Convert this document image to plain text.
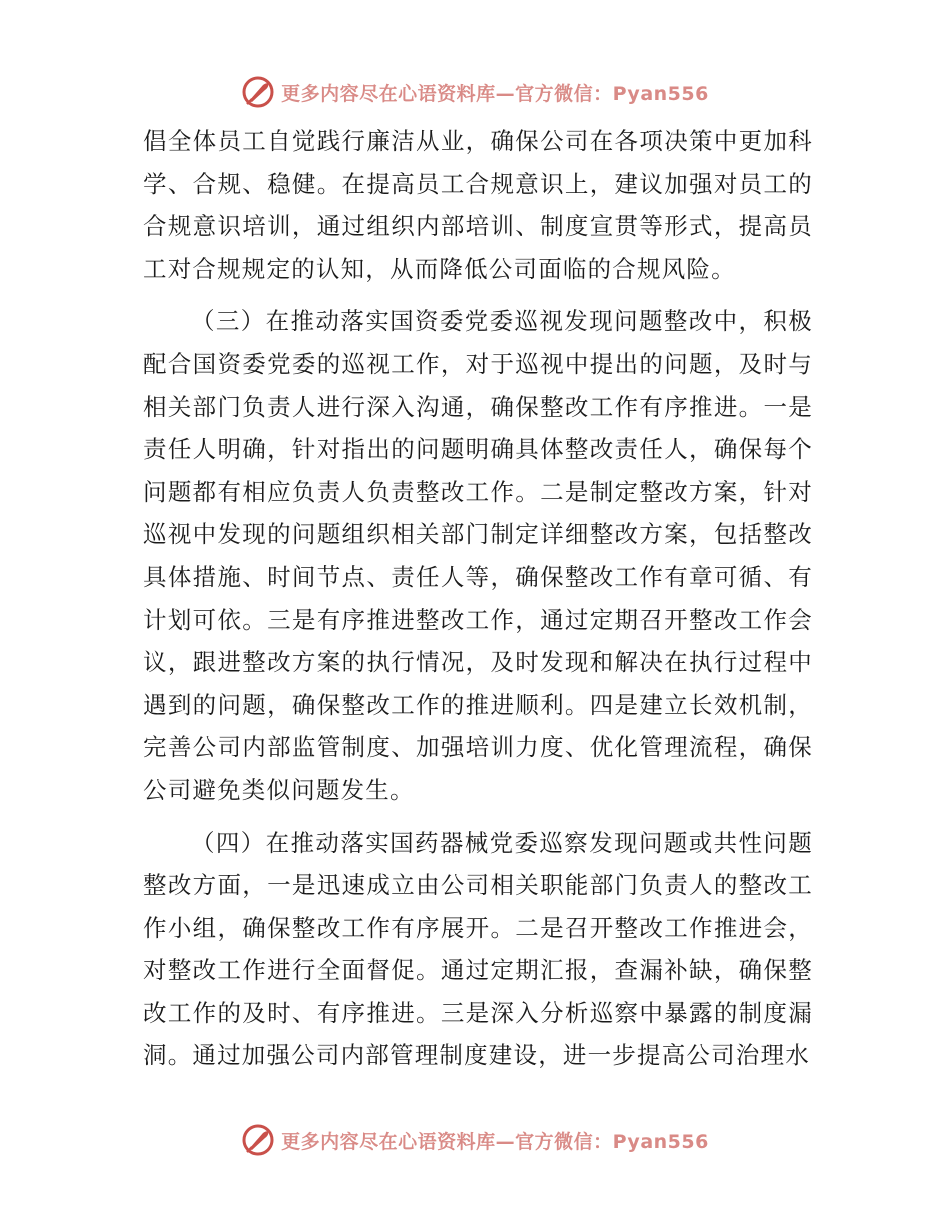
更多内容尽在心语资料库—官方微信：Pyan556

倡全体员工自觉践行廉洁从业，确保公司在各项决策中更加科学、合规、稳健。在提高员工合规意识上，建议加强对员工的合规意识培训，通过组织内部培训、制度宣贯等形式，提高员工对合规规定的认知，从而降低公司面临的合规风险。

（三）在推动落实国资委党委巡视发现问题整改中，积极配合国资委党委的巡视工作，对于巡视中提出的问题，及时与相关部门负责人进行深入沟通，确保整改工作有序推进。一是责任人明确，针对指出的问题明确具体整改责任人，确保每个问题都有相应负责人负责整改工作。二是制定整改方案，针对巡视中发现的问题组织相关部门制定详细整改方案，包括整改具体措施、时间节点、责任人等，确保整改工作有章可循、有计划可依。三是有序推进整改工作，通过定期召开整改工作会议，跟进整改方案的执行情况，及时发现和解决在执行过程中遇到的问题，确保整改工作的推进顺利。四是建立长效机制，完善公司内部监管制度、加强培训力度、优化管理流程，确保公司避免类似问题发生。

（四）在推动落实国药器械党委巡察发现问题或共性问题整改方面，一是迅速成立由公司相关职能部门负责人的整改工作小组，确保整改工作有序展开。二是召开整改工作推进会，对整改工作进行全面督促。通过定期汇报，查漏补缺，确保整改工作的及时、有序推进。三是深入分析巡察中暴露的制度漏洞。通过加强公司内部管理制度建设，进一步提高公司治理水

更多内容尽在心语资料库—官方微信：Pyan556
